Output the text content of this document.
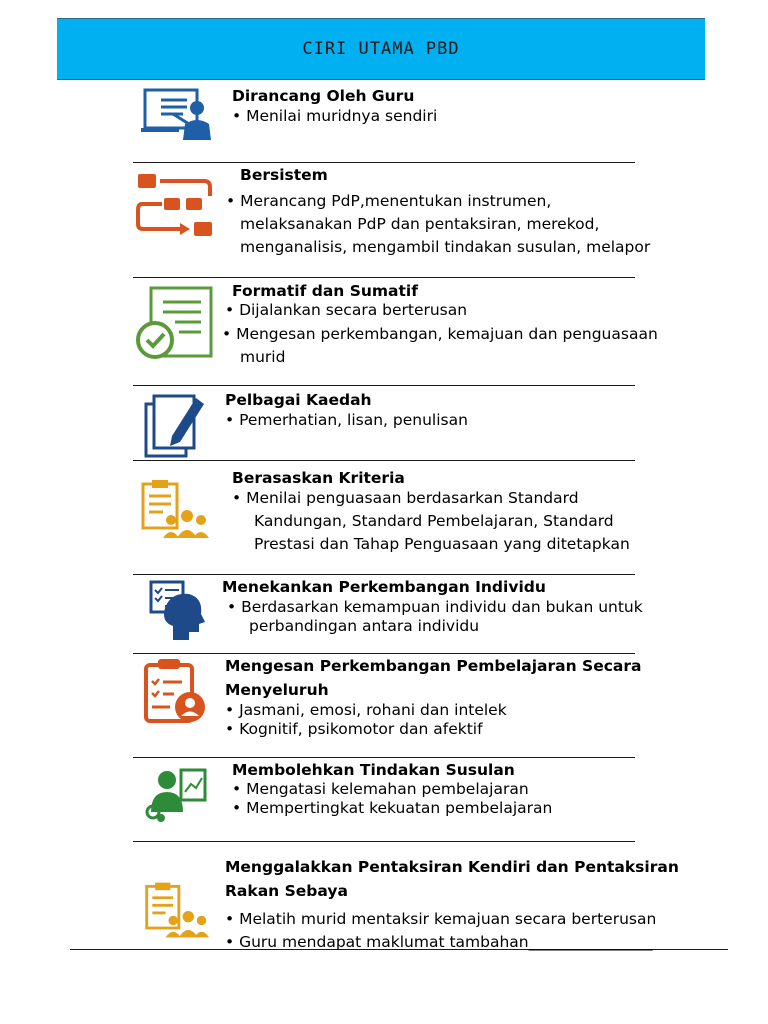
CIRI UTAMA PBD
Dirancang Oleh Guru
• Menilai muridnya sendiri
Bersistem
• Merancang PdP,menentukan instrumen,
melaksanakan PdP dan pentaksiran, merekod,
menganalisis, mengambil tindakan susulan, melapor
Formatif dan Sumatif
• Dijalankan secara berterusan
• Mengesan perkembangan, kemajuan dan penguasaan
murid
Pelbagai Kaedah
• Pemerhatian, lisan, penulisan
Berasaskan Kriteria
• Menilai penguasaan berdasarkan Standard
Kandungan, Standard Pembelajaran, Standard
Prestasi dan Tahap Penguasaan yang ditetapkan
Menekankan Perkembangan Individu
• Berdasarkan kemampuan individu dan bukan untuk
perbandingan antara individu
Mengesan Perkembangan Pembelajaran Secara
Menyeluruh
• Jasmani, emosi, rohani dan intelek
• Kognitif, psikomotor dan afektif
Membolehkan Tindakan Susulan
• Mengatasi kelemahan pembelajaran
• Mempertingkat kekuatan pembelajaran
Menggalakkan Pentaksiran Kendiri dan Pentaksiran
Rakan Sebaya
• Melatih murid mentaksir kemajuan secara berterusan
• Guru mendapat maklumat tambahan________________
